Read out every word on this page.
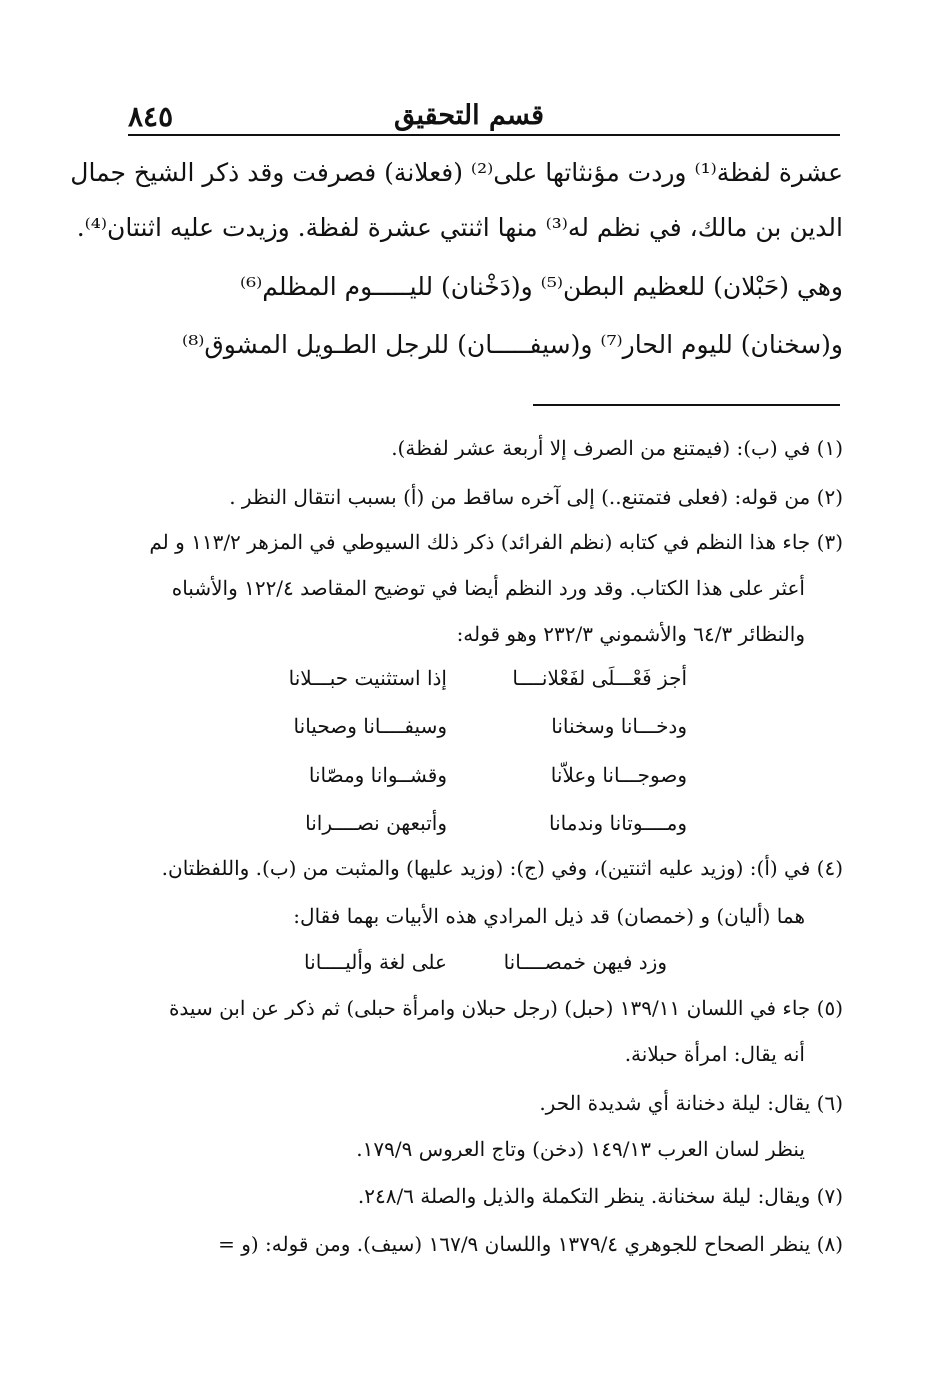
قسم التحقيق
٨٤٥
عشرة لفظة⁽¹⁾ وردت مؤنثاتها على⁽²⁾ (فعلانة) فصرفت وقد ذكر الشيخ جمال
الدين بن مالك، في نظم له⁽³⁾ منها اثنتي عشرة لفظة. وزيدت عليه اثنتان⁽⁴⁾.
وهي (حَبْلان) للعظيم البطن⁽⁵⁾ و(دَخْنان) لليـــــوم المظلم⁽⁶⁾
و(سخنان) لليوم الحار⁽⁷⁾ و(سيفـــــان) للرجل الطـويل المشوق⁽⁸⁾
(١) في (ب): (فيمتنع من الصرف إلا أربعة عشر لفظة).
(٢) من قوله: (فعلى فتمتنع..) إلى آخره ساقط من (أ) بسبب انتقال النظر .
(٣) جاء هذا النظم في كتابه (نظم الفرائد) ذكر ذلك السيوطي في المزهر ١١٣/٢ و لم
أعثر على هذا الكتاب. وقد ورد النظم أيضا في توضيح المقاصد ١٢٢/٤ والأشباه
والنظائر ٦٤/٣ والأشموني ٢٣٢/٣ وهو قوله:
أجز فَعْـــلَى لفَعْلانــــا
إذا استثنيت حبـــلانا
ودخـــانا وسخنانا
وسيفــــانا وصحيانا
وصوجـــانا وعلاّنا
وقشــوانا ومصّانا
ومــــوتانا وندمانا
وأتبعهن نصــــرانا
(٤) في (أ): (وزيد عليه اثنتين)، وفي (ج): (وزيد عليها) والمثبت من (ب). واللفظتان.
هما (أليان) و (خمصان) قد ذيل المرادي هذه الأبيات بهما فقال:
وزد فيهن خمصــــانا
على لغة وأليــــانا
(٥) جاء في اللسان ١٣٩/١١ (حبل) (رجل حبلان وامرأة حبلى) ثم ذكر عن ابن سيدة
أنه يقال: امرأة حبلانة.
(٦) يقال: ليلة دخنانة أي شديدة الحر.
ينظر لسان العرب ١٤٩/١٣ (دخن) وتاج العروس ١٧٩/٩.
(٧) ويقال: ليلة سخنانة. ينظر التكملة والذيل والصلة ٢٤٨/٦.
(٨) ينظر الصحاح للجوهري ١٣٧٩/٤ واللسان ١٦٧/٩ (سيف). ومن قوله: (و =
